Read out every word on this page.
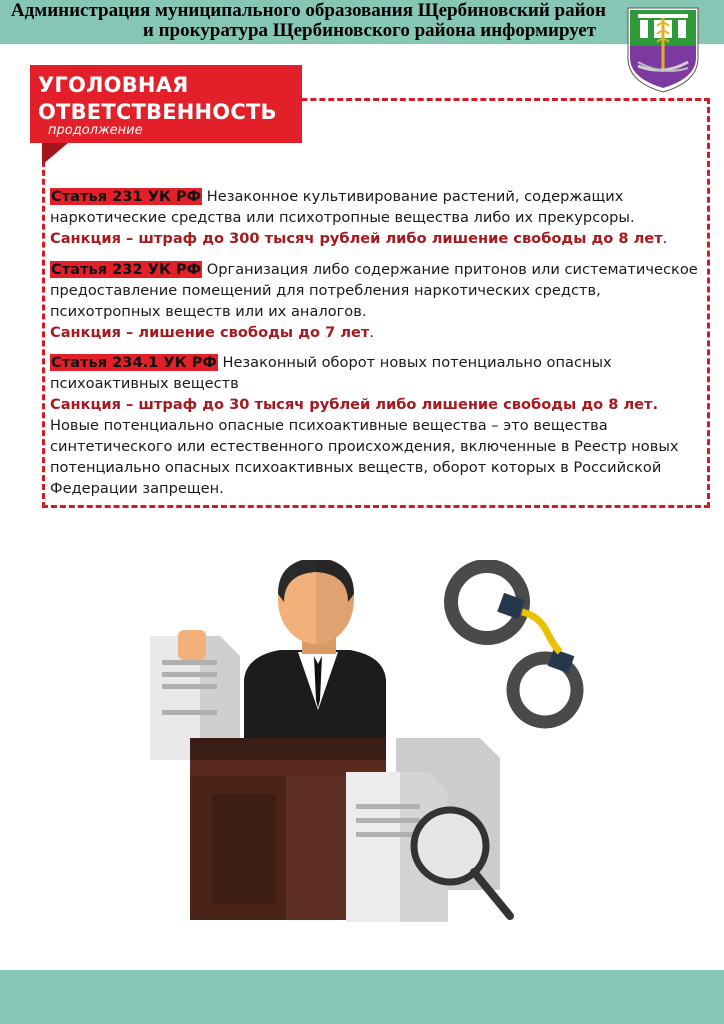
Администрация муниципального образования Щербиновский район
и прокуратура Щербиновского района информирует
УГОЛОВНАЯ ОТВЕТСТВЕННОСТЬ
продолжение
Статья 231 УК РФ Незаконное культивирование растений, содержащих наркотические средства или психотропные вещества либо их прекурсоры.
Санкция – штраф до 300 тысяч рублей либо лишение свободы до 8 лет.
Статья 232 УК РФ Организация либо содержание притонов или систематическое предоставление помещений для потребления наркотических средств, психотропных веществ или их аналогов.
Санкция – лишение свободы до 7 лет.
Статья 234.1 УК РФ Незаконный оборот новых потенциально опасных психоактивных веществ
Санкция – штраф до 30 тысяч рублей либо лишение свободы до 8 лет.
Новые потенциально опасные психоактивные вещества – это вещества синтетического или естественного происхождения, включенные в Реестр новых потенциально опасных психоактивных веществ, оборот которых в Российской Федерации запрещен.
